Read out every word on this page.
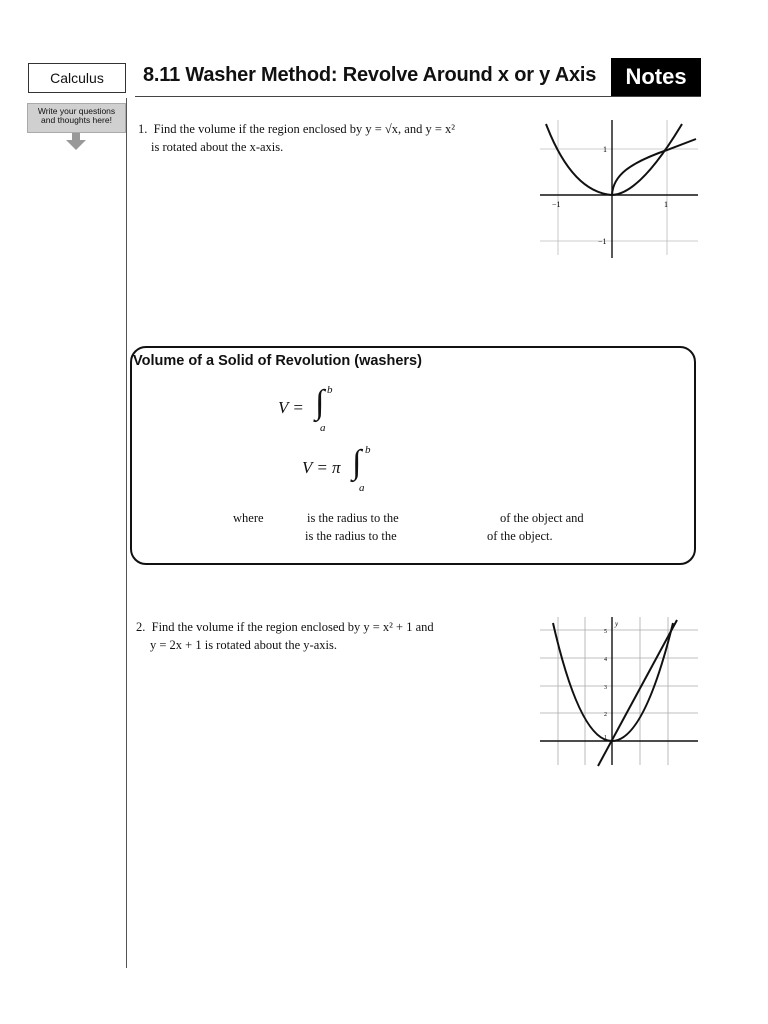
Calculus	8.11 Washer Method: Revolve Around x or y Axis	Notes
Write your questions
and thoughts here!
1. Find the volume if the region enclosed by y = √x, and y = x²
is rotated about the x-axis.
−1	1
1
−1
Volume of a Solid of Revolution (washers)
V = ∫ b
a
V = π ∫ b
a
where	is the radius to the	of the object and
is the radius to the	of the object.
2. Find the volume if the region enclosed by y = x² + 1 and
y = 2x + 1 is rotated about the y-axis.
y
5
4
3
2
1
